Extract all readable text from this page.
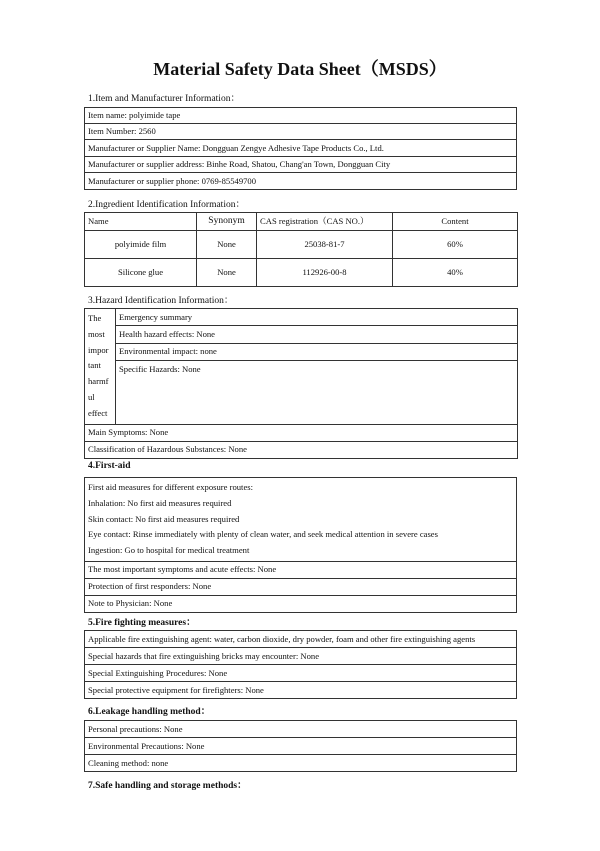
Material Safety Data Sheet（MSDS）
1.Item and Manufacturer Information：
Item name: polyimide tape
Item Number: 2560
Manufacturer or Supplier Name: Dongguan Zengye Adhesive Tape Products Co., Ltd.
Manufacturer or supplier address: Binhe Road, Shatou, Chang'an Town, Dongguan City
Manufacturer or supplier phone: 0769-85549700
2.Ingredient Identification Information：
Name	Synonym	CAS registration（CAS NO.）	Content
polyimide film	None	25038-81-7	60%
Silicone glue	None	112926-00-8	40%
3.Hazard Identification Information：
The
most
impor
tant
harmf
ul
effect
	Emergency summary
Health hazard effects: None
Environmental impact: none
Specific Hazards: None
Main Symptoms: None
Classification of Hazardous Substances: None
4.First-aid
First aid measures for different exposure routes:
Inhalation: No first aid measures required
Skin contact: No first aid measures required
Eye contact: Rinse immediately with plenty of clean water, and seek medical attention in severe cases
Ingestion: Go to hospital for medical treatment

The most important symptoms and acute effects: None
Protection of first responders: None
Note to Physician: None
5.Fire fighting measures：
Applicable fire extinguishing agent: water, carbon dioxide, dry powder, foam and other fire extinguishing agents
Special hazards that fire extinguishing bricks may encounter: None
Special Extinguishing Procedures: None
Special protective equipment for firefighters: None
6.Leakage handling method：
Personal precautions: None
Environmental Precautions: None
Cleaning method: none
7.Safe handling and storage methods：
